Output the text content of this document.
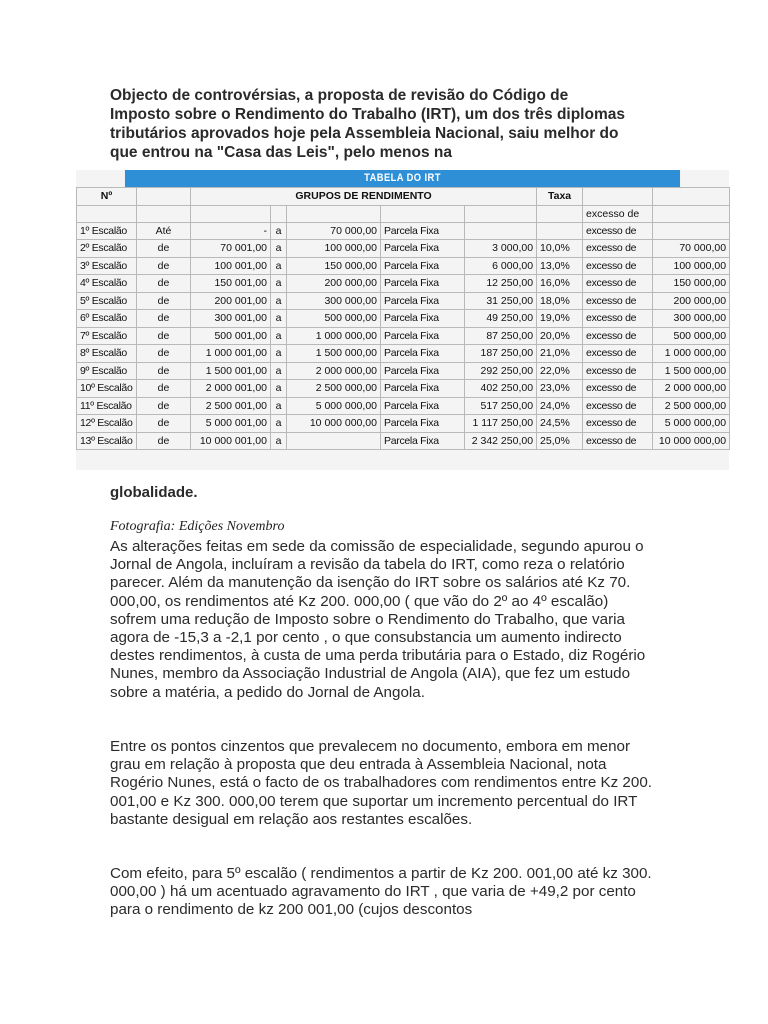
Objecto de controvérsias, a proposta de revisão do Código de Imposto sobre o Rendimento do Trabalho (IRT), um dos três diplomas tributários aprovados hoje pela Assembleia Nacional, saiu melhor do que entrou na "Casa das Leis", pelo menos na

TABELA DO IRT
Nº		GRUPOS DE RENDIMENTO					Taxa		
								excesso de	
1º Escalão	Até	-	a	70 000,00	Parcela Fixa			excesso de	
2º Escalão	de	70 001,00	a	100 000,00	Parcela Fixa	3 000,00	10,0%	excesso de	70 000,00
3º Escalão	de	100 001,00	a	150 000,00	Parcela Fixa	6 000,00	13,0%	excesso de	100 000,00
4º Escalão	de	150 001,00	a	200 000,00	Parcela Fixa	12 250,00	16,0%	excesso de	150 000,00
5º Escalão	de	200 001,00	a	300 000,00	Parcela Fixa	31 250,00	18,0%	excesso de	200 000,00
6º Escalão	de	300 001,00	a	500 000,00	Parcela Fixa	49 250,00	19,0%	excesso de	300 000,00
7º Escalão	de	500 001,00	a	1 000 000,00	Parcela Fixa	87 250,00	20,0%	excesso de	500 000,00
8º Escalão	de	1 000 001,00	a	1 500 000,00	Parcela Fixa	187 250,00	21,0%	excesso de	1 000 000,00
9º Escalão	de	1 500 001,00	a	2 000 000,00	Parcela Fixa	292 250,00	22,0%	excesso de	1 500 000,00
10º Escalão	de	2 000 001,00	a	2 500 000,00	Parcela Fixa	402 250,00	23,0%	excesso de	2 000 000,00
11º Escalão	de	2 500 001,00	a	5 000 000,00	Parcela Fixa	517 250,00	24,0%	excesso de	2 500 000,00
12º Escalão	de	5 000 001,00	a	10 000 000,00	Parcela Fixa	1 117 250,00	24,5%	excesso de	5 000 000,00
13º Escalão	de	10 000 001,00	a		Parcela Fixa	2 342 250,00	25,0%	excesso de	10 000 000,00

globalidade.

Fotografia: Edições Novembro

As alterações feitas em sede da comissão de especialidade, segundo apurou o Jornal de Angola, incluíram a revisão da tabela do IRT, como reza o relatório parecer. Além da manutenção da isenção do IRT sobre os salários até Kz 70. 000,00, os rendimentos até Kz 200. 000,00 ( que vão do 2º ao 4º escalão) sofrem uma redução de Imposto sobre o Rendimento do Trabalho, que varia agora de -15,3 a -2,1 por cento , o que consubstancia um aumento indirecto destes rendimentos, à custa de uma perda tributária para o Estado, diz Rogério Nunes, membro da Associação Industrial de Angola (AIA), que fez um estudo sobre a matéria, a pedido do Jornal de Angola.

Entre os pontos cinzentos que prevalecem no documento, embora em menor grau em relação à proposta que deu entrada à Assembleia Nacional, nota Rogério Nunes, está o facto de os trabalhadores com rendimentos entre Kz 200. 001,00 e Kz 300. 000,00 terem que suportar um incremento percentual do IRT bastante desigual em relação aos restantes escalões.

Com efeito, para 5º escalão ( rendimentos a partir de Kz 200. 001,00 até kz 300. 000,00 ) há um acentuado agravamento do IRT , que varia de +49,2 por cento para o rendimento de kz 200 001,00 (cujos descontos
